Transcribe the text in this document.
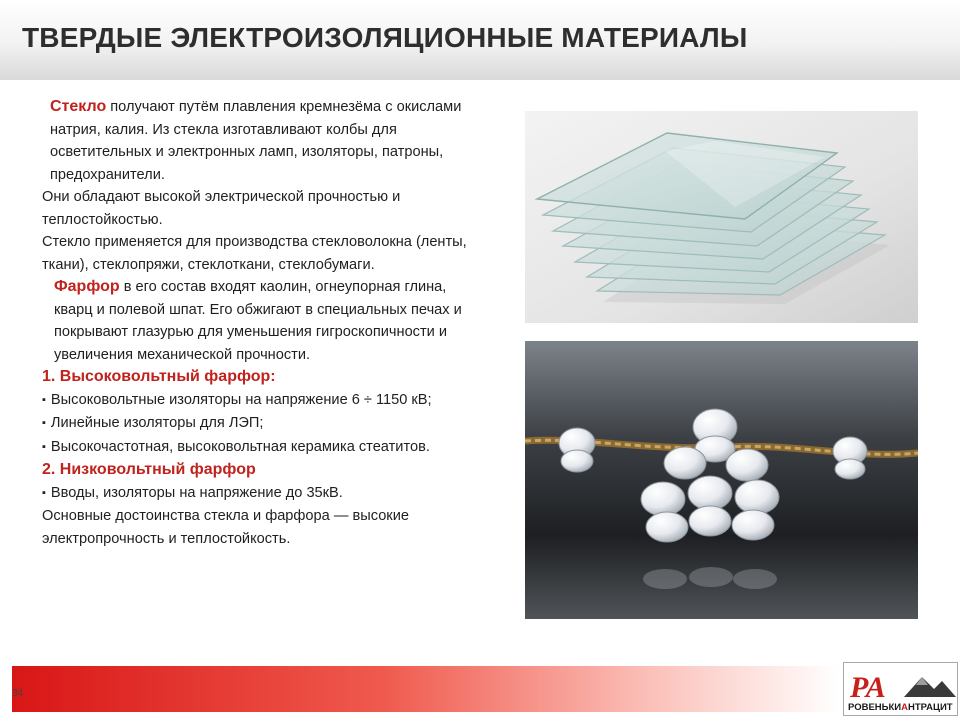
ТВЕРДЫЕ ЭЛЕКТРОИЗОЛЯЦИОННЫЕ МАТЕРИАЛЫ

Стекло получают путём плавления кремнезёма с окислами натрия, калия. Из стекла изготавливают колбы для осветительных и электронных ламп, изоляторы, патроны, предохранители.

Они обладают высокой электрической прочностью и теплостойкостью.

Стекло применяется для производства стекловолокна (ленты, ткани), стеклопряжи, стеклоткани, стеклобумаги.

Фарфор в его состав входят каолин, огнеупорная глина, кварц и полевой шпат. Его обжигают в специальных печах и покрывают глазурью для уменьшения гигроскопичности и увеличения механической прочности.

1. Высоковольтный фарфор:

▪ Высоковольтные изоляторы на напряжение 6 ÷ 1150 кВ;

▪ Линейные изоляторы для ЛЭП;

▪ Высокочастотная, высоковольтная керамика стеатитов.

2. Низковольтный фарфор

▪ Вводы, изоляторы на напряжение до 35кВ.

Основные достоинства стекла и фарфора — высокие электропрочность и теплостойкость.

34	РА
РОВЕНЬКИАНТРАЦИТ
